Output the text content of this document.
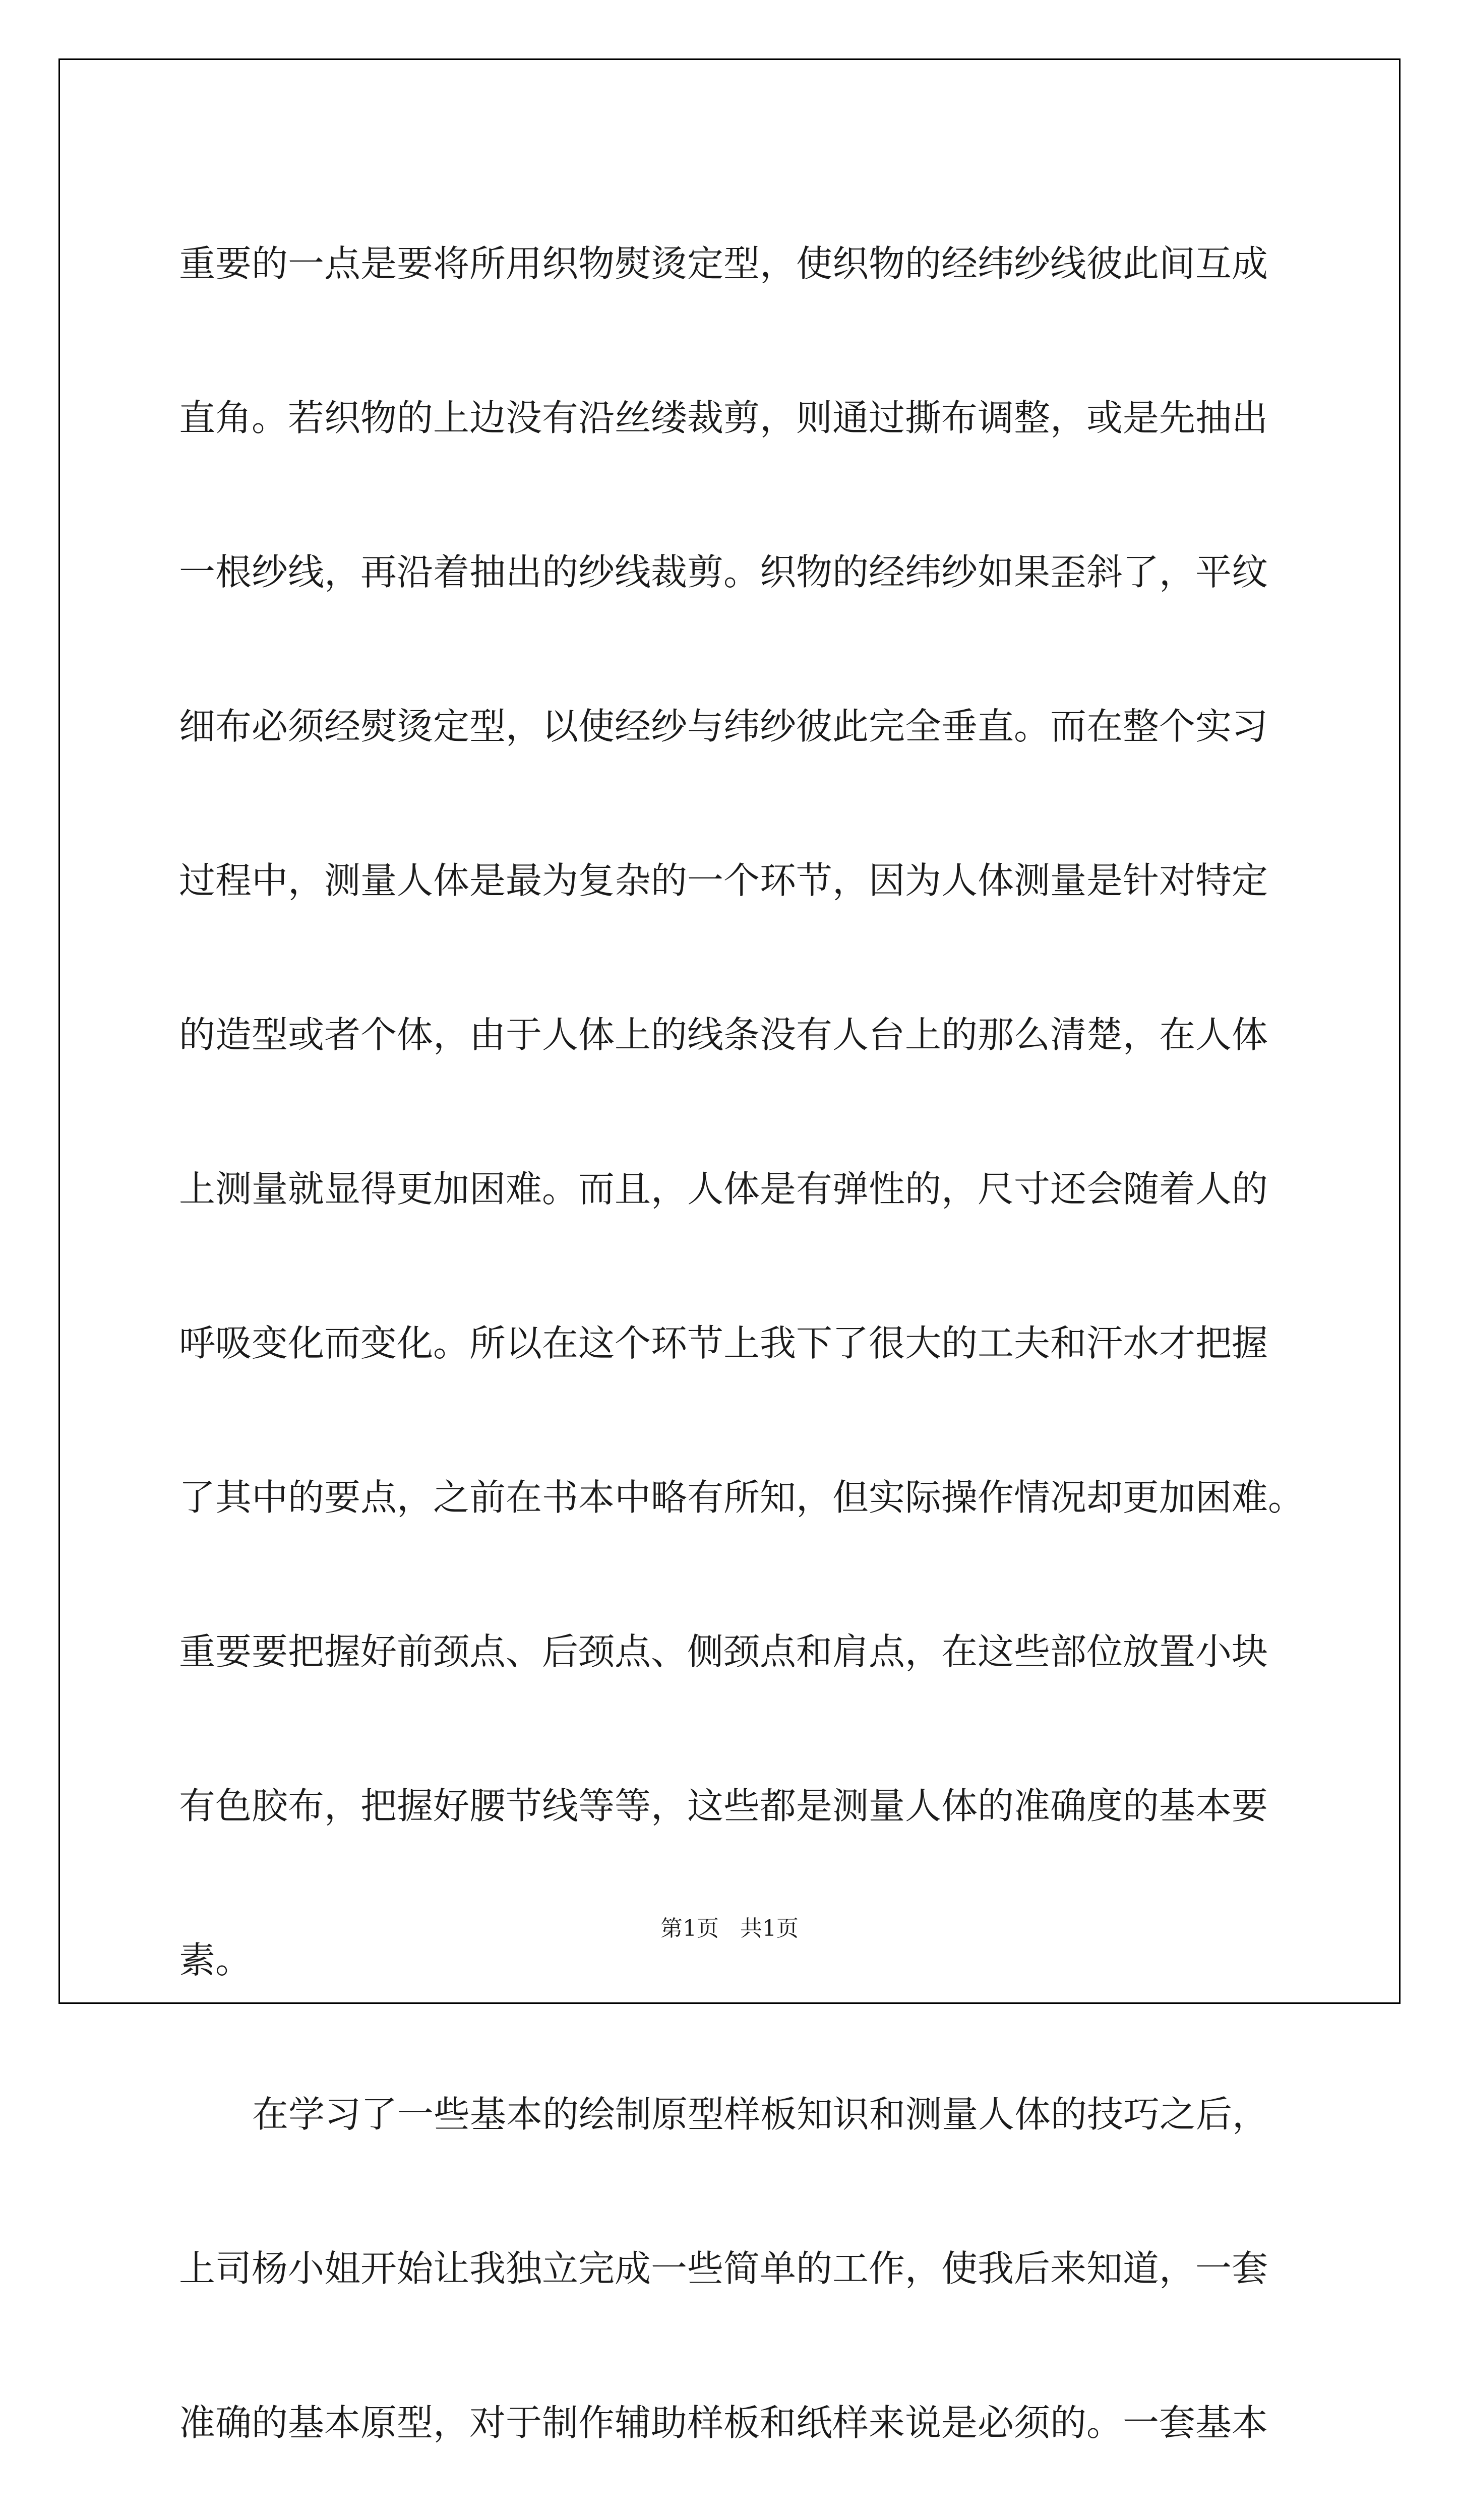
重要的一点是要将所用织物熨烫定型，使织物的经纬纱线彼此间互成
直角。若织物的上边没有沿丝缕裁剪，则通过撕布调整，或是先抽出
一根纱线，再沿着抽出的纱线裁剪。织物的经纬纱如果歪斜了，平纹
细布必须经熨烫定型，以使经纱与纬纱彼此完全垂直。而在整个实习
过程中，测量人体是最为复杂的一个环节，因为人体测量是针对特定
的造型或者个体，由于人体上的线条没有人台上的那么清楚，在人体
上测量就显得更加困难。而且，人体是有弹性的，尺寸还会随着人的
呼吸变化而变化。所以在这个环节上我下了很大的工夫和汗水才把握
了其中的要点，之前在书本中略有所知，但实际操作情况却更加困难。
重要要把握好前颈点、后颈点、侧颈点和肩点，在这些部位放置小块
有色胶布，把握好腰节线等等，这些都是测量人体的准确度的基本要
素。
在学习了一些基本的绘制原型样板知识和测量人体的技巧之后，
上司杨小姐开始让我独立完成一些简单的工作，使我后来知道，一套
准确的基本原型，对于制作辅助样板和纸样来说是必须的。一套基本
第1页 共1页
